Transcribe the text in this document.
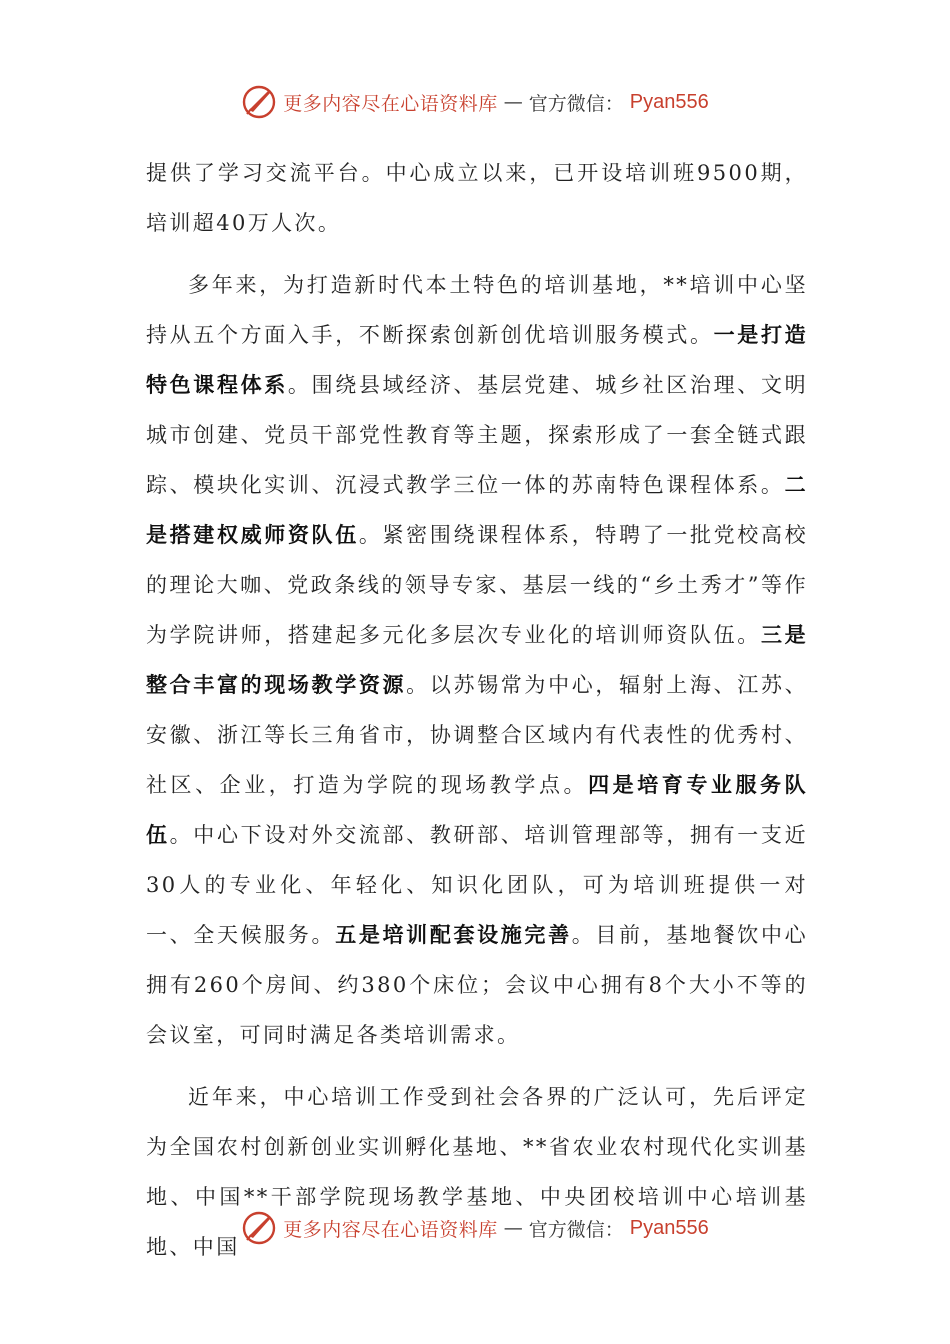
更多内容尽在心语资料库 — 官方微信： Pyan556

提供了学习交流平台。中心成立以来，已开设培训班9500期，培训超40万人次。

多年来，为打造新时代本土特色的培训基地，**培训中心坚持从五个方面入手，不断探索创新创优培训服务模式。一是打造特色课程体系。围绕县域经济、基层党建、城乡社区治理、文明城市创建、党员干部党性教育等主题，探索形成了一套全链式跟踪、模块化实训、沉浸式教学三位一体的苏南特色课程体系。二是搭建权威师资队伍。紧密围绕课程体系，特聘了一批党校高校的理论大咖、党政条线的领导专家、基层一线的“乡土秀才”等作为学院讲师，搭建起多元化多层次专业化的培训师资队伍。三是整合丰富的现场教学资源。以苏锡常为中心，辐射上海、江苏、安徽、浙江等长三角省市，协调整合区域内有代表性的优秀村、社区、企业，打造为学院的现场教学点。四是培育专业服务队伍。中心下设对外交流部、教研部、培训管理部等，拥有一支近30人的专业化、年轻化、知识化团队，可为培训班提供一对一、全天候服务。五是培训配套设施完善。目前，基地餐饮中心拥有260个房间、约380个床位；会议中心拥有8个大小不等的会议室，可同时满足各类培训需求。

近年来，中心培训工作受到社会各界的广泛认可，先后评定为全国农村创新创业实训孵化基地、**省农业农村现代化实训基地、中国**干部学院现场教学基地、中央团校培训中心培训基地、中国

更多内容尽在心语资料库 — 官方微信： Pyan556
